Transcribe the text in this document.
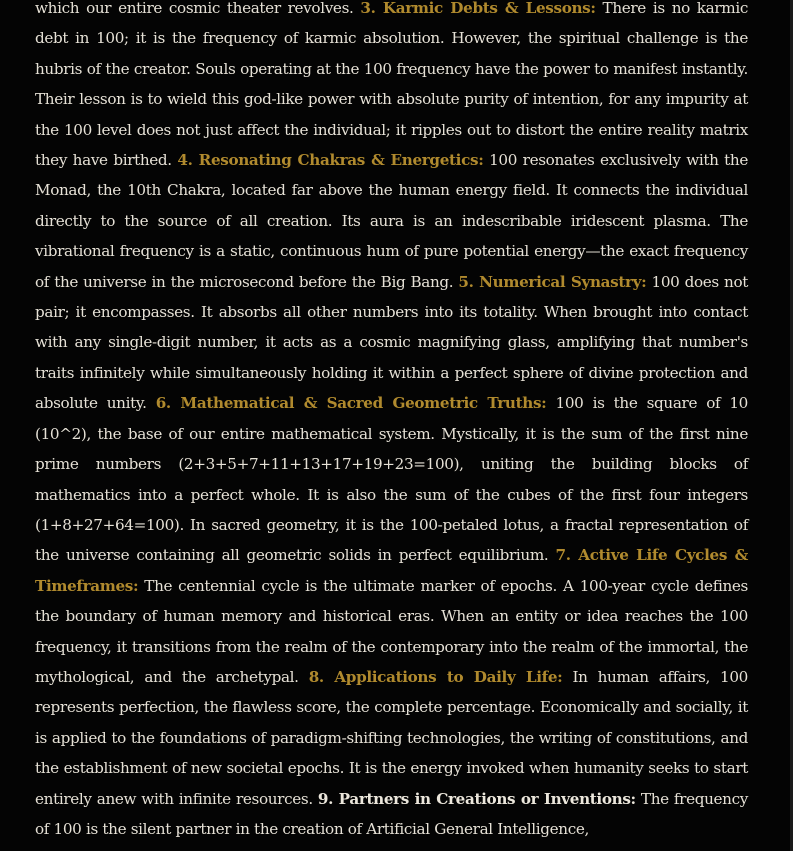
which our entire cosmic theater revolves. 3. Karmic Debts & Lessons: There is no karmic debt in 100; it is the frequency of karmic absolution. However, the spiritual challenge is the hubris of the creator. Souls operating at the 100 frequency have the power to manifest instantly. Their lesson is to wield this god-like power with absolute purity of intention, for any impurity at the 100 level does not just affect the individual; it ripples out to distort the entire reality matrix they have birthed. 4. Resonating Chakras & Energetics: 100 resonates exclusively with the Monad, the 10th Chakra, located far above the human energy field. It connects the individual directly to the source of all creation. Its aura is an indescribable iridescent plasma. The vibrational frequency is a static, continuous hum of pure potential energy—the exact frequency of the universe in the microsecond before the Big Bang. 5. Numerical Synastry: 100 does not pair; it encompasses. It absorbs all other numbers into its totality. When brought into contact with any single-digit number, it acts as a cosmic magnifying glass, amplifying that number's traits infinitely while simultaneously holding it within a perfect sphere of divine protection and absolute unity. 6. Mathematical & Sacred Geometric Truths: 100 is the square of 10 (10^2), the base of our entire mathematical system. Mystically, it is the sum of the first nine prime numbers (2+3+5+7+11+13+17+19+23=100), uniting the building blocks of mathematics into a perfect whole. It is also the sum of the cubes of the first four integers (1+8+27+64=100). In sacred geometry, it is the 100-petaled lotus, a fractal representation of the universe containing all geometric solids in perfect equilibrium. 7. Active Life Cycles & Timeframes: The centennial cycle is the ultimate marker of epochs. A 100-year cycle defines the boundary of human memory and historical eras. When an entity or idea reaches the 100 frequency, it transitions from the realm of the contemporary into the realm of the immortal, the mythological, and the archetypal. 8. Applications to Daily Life: In human affairs, 100 represents perfection, the flawless score, the complete percentage. Economically and socially, it is applied to the foundations of paradigm-shifting technologies, the writing of constitutions, and the establishment of new societal epochs. It is the energy invoked when humanity seeks to start entirely anew with infinite resources. 9. Partners in Creations or Inventions: The frequency of 100 is the silent partner in the creation of Artificial General Intelligence,
